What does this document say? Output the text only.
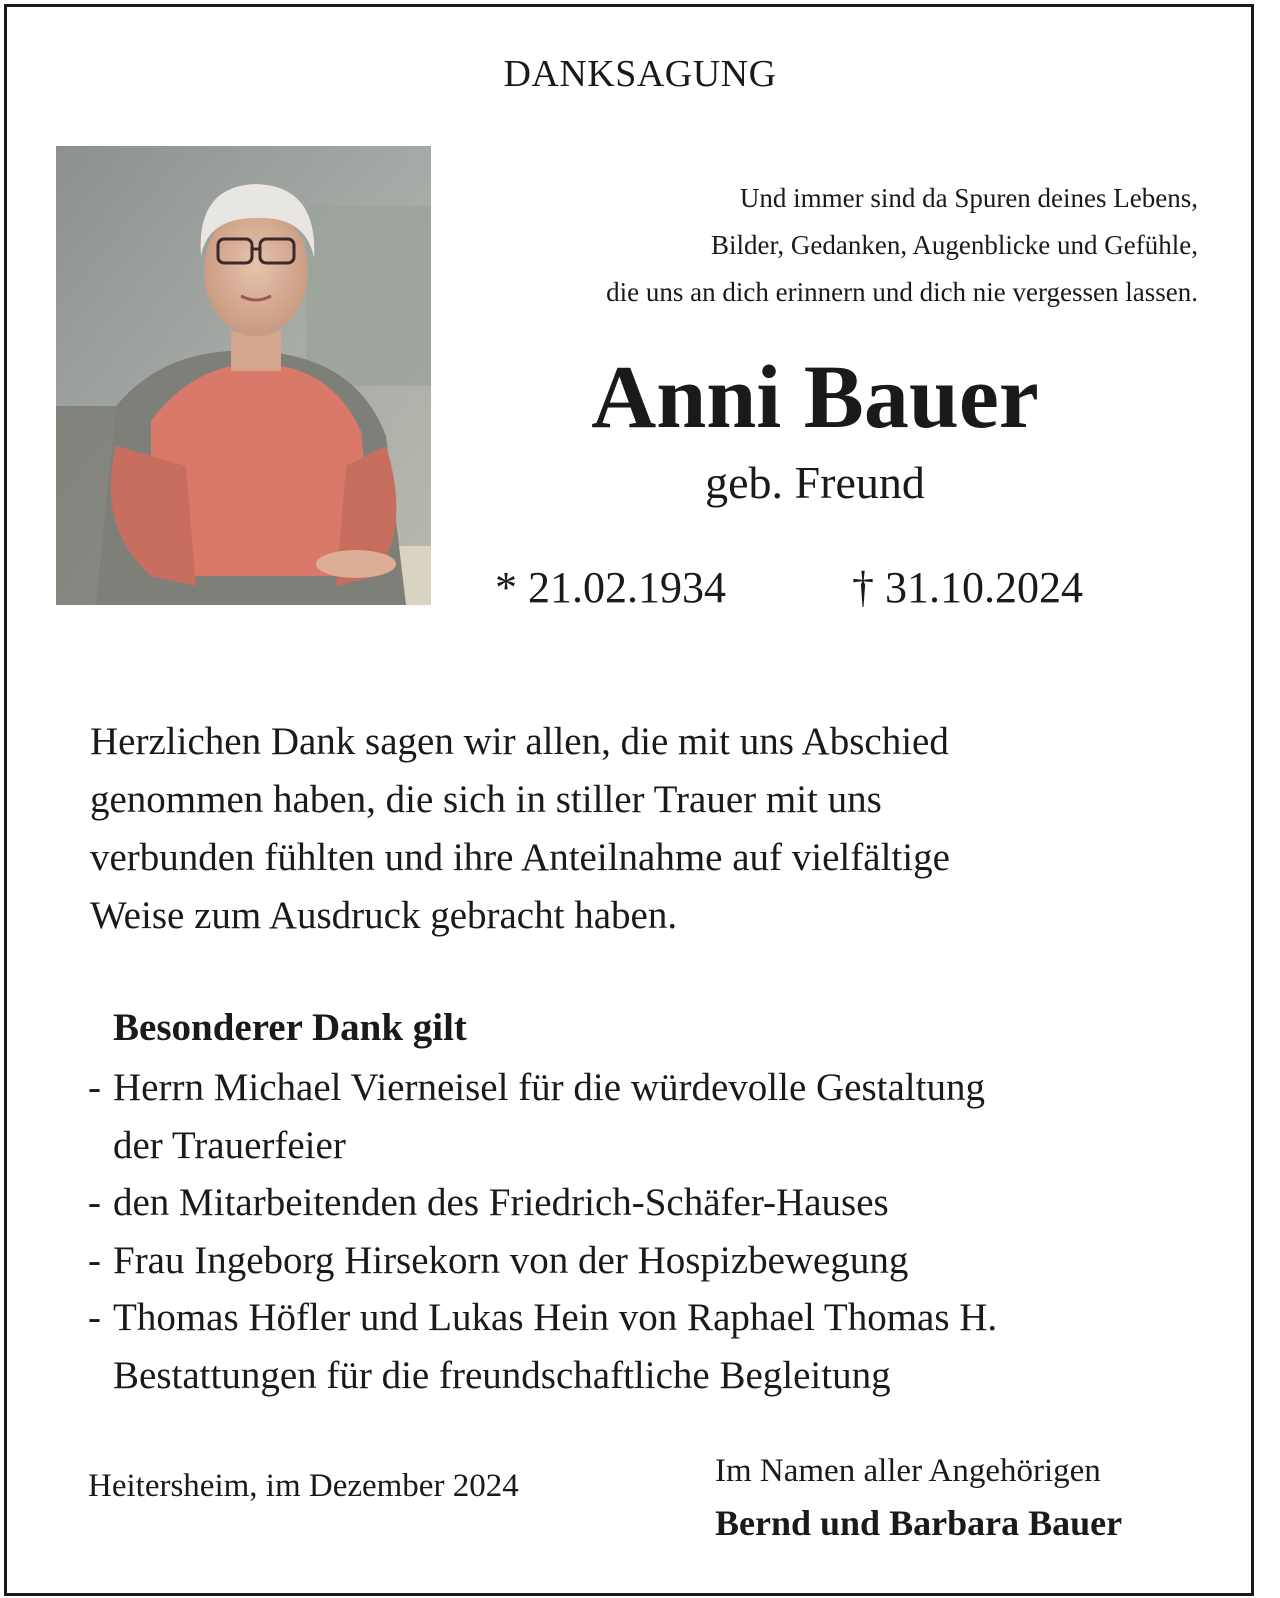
DANKSAGUNG
Und immer sind da Spuren deines Lebens,
Bilder, Gedanken, Augenblicke und Gefühle,
die uns an dich erinnern und dich nie vergessen lassen.
Anni Bauer
geb. Freund
* 21.02.1934	† 31.10.2024
Herzlichen Dank sagen wir allen, die mit uns Abschied
genommen haben, die sich in stiller Trauer mit uns
verbunden fühlten und ihre Anteilnahme auf vielfältige
Weise zum Ausdruck gebracht haben.
Besonderer Dank gilt
- Herrn Michael Vierneisel für die würdevolle Gestaltung
der Trauerfeier
- den Mitarbeitenden des Friedrich-Schäfer-Hauses
- Frau Ingeborg Hirsekorn von der Hospizbewegung
- Thomas Höfler und Lukas Hein von Raphael Thomas H.
Bestattungen für die freundschaftliche Begleitung
Heitersheim, im Dezember 2024	Im Namen aller Angehörigen
Bernd und Barbara Bauer
